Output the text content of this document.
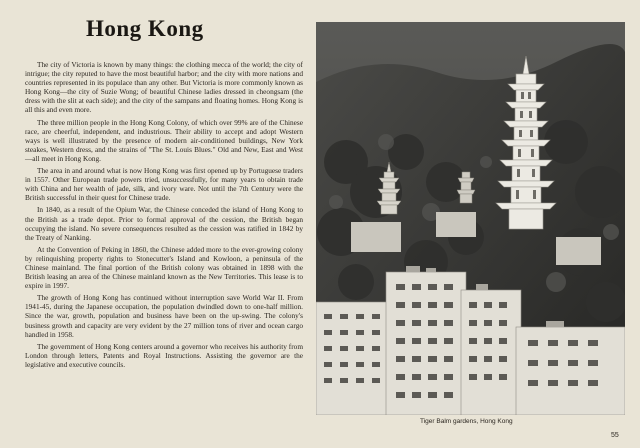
Hong Kong

The city of Victoria is known by many things: the clothing mecca of the world; the city of intrigue; the city reputed to have the most beautiful harbor; and the city with more nations and countries represented in its populace than any other. But Victoria is more commonly known as Hong Kong—the city of Suzie Wong; of beautiful Chinese ladies dressed in cheongsam (the dress with the slit at each side); and the city of the sampans and floating homes. Hong Kong is all this and even more.

The three million people in the Hong Kong Colony, of which over 99% are of the Chinese race, are cheerful, independent, and industrious. Their ability to accept and adopt Western ways is well illustrated by the presence of modern air-conditioned buildings, New York steakes, Western dress, and the strains of "The St. Louis Blues." Old and New, East and West—all meet in Hong Kong.

The area in and around what is now Hong Kong was first opened up by Portuguese traders in 1557. Other European trade powers tried, unsuccessfully, for many years to obtain trade with China and her wealth of jade, silk, and ivory ware. Not until the 7th Century were the British successful in their quest for Chinese trade.

In 1840, as a result of the Opium War, the Chinese conceded the island of Hong Kong to the British as a trade depot. Prior to formal approval of the cession, the British began occupying the island. No severe consequences resulted as the cession was ratified in 1842 by the Treaty of Nanking.

At the Convention of Peking in 1860, the Chinese added more to the ever-growing colony by relinquishing property rights to Stonecutter's Island and Kowloon, a peninsula of the Chinese mainland. The final portion of the British colony was obtained in 1898 with the British leasing an area of the Chinese mainland known as the New Territories. This lease is to expire in 1997.

The growth of Hong Kong has continued without interruption save World War II. From 1941-45, during the Japanese occupation, the population dwindled down to one-half million. Since the war, growth, population and business have been on the up-swing. The colony's business growth and capacity are very evident by the 27 million tons of river and ocean cargo handled in 1958.

The government of Hong Kong centers around a governor who receives his authority from London through letters, Patents and Royal Instructions. Assisting the governor are the legislative and executive councils.

Tiger Balm gardens, Hong Kong
55
